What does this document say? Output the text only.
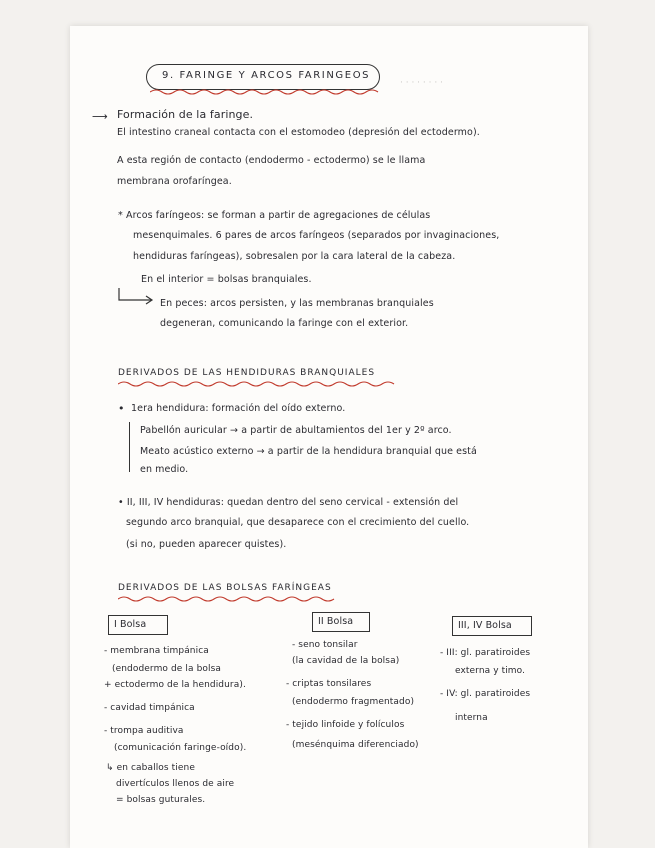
· · · · · · · ·
9. FARINGE Y ARCOS FARINGEOS
⟶ Formación de la faringe.
El intestino craneal contacta con el estomodeo (depresión del ectodermo).
A esta región de contacto (endodermo - ectodermo) se le llama
membrana orofaríngea.
* Arcos faríngeos: se forman a partir de agregaciones de células
mesenquimales. 6 pares de arcos faríngeos (separados por invaginaciones,
hendiduras faríngeas), sobresalen por la cara lateral de la cabeza.
En el interior = bolsas branquiales.
En peces: arcos persisten, y las membranas branquiales
degeneran, comunicando la faringe con el exterior.
DERIVADOS DE LAS HENDIDURAS BRANQUIALES
• 1era hendidura: formación del oído externo.
Pabellón auricular → a partir de abultamientos del 1er y 2º arco.
Meato acústico externo → a partir de la hendidura branquial que está
en medio.
• II, III, IV hendiduras: quedan dentro del seno cervical - extensión del
segundo arco branquial, que desaparece con el crecimiento del cuello.
(si no, pueden aparecer quistes).
DERIVADOS DE LAS BOLSAS FARÍNGEAS
I Bolsa	II Bolsa	III, IV Bolsa
- membrana timpánica
(endodermo de la bolsa
+ ectodermo de la hendidura).
- cavidad timpánica
- trompa auditiva
(comunicación faringe-oído).
↳ en caballos tiene
divertículos llenos de aire
= bolsas guturales.
- seno tonsilar
(la cavidad de la bolsa)
- criptas tonsilares
(endodermo fragmentado)
- tejido linfoide y folículos
(mesénquima diferenciado)
- III: gl. paratiroides
externa y timo.
- IV: gl. paratiroides
interna
